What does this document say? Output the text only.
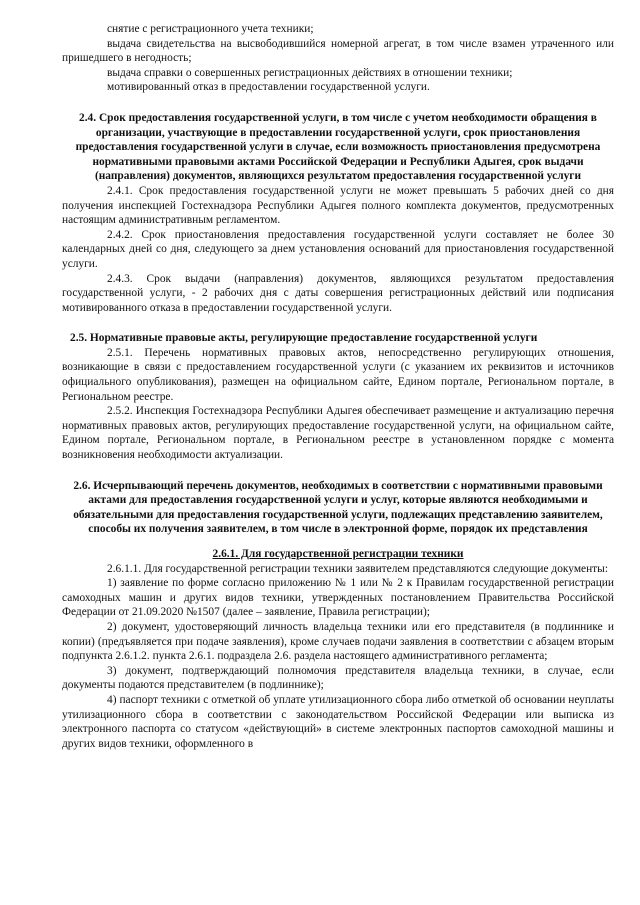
снятие с регистрационного учета техники;

выдача свидетельства на высвободившийся номерной агрегат, в том числе взамен утраченного или пришедшего в негодность;

выдача справки о совершенных регистрационных действиях в отношении техники;

мотивированный отказ в предоставлении государственной услуги.

2.4. Срок предоставления государственной услуги, в том числе с учетом необходимости обращения в организации, участвующие в предоставлении государственной услуги, срок приостановления предоставления государственной услуги в случае, если возможность приостановления предусмотрена нормативными правовыми актами Российской Федерации и Республики Адыгея, срок выдачи (направления) документов, являющихся результатом предоставления государственной услуги

2.4.1. Срок предоставления государственной услуги не может превышать 5 рабочих дней со дня получения инспекцией Гостехнадзора Республики Адыгея полного комплекта документов, предусмотренных настоящим административным регламентом.

2.4.2. Срок приостановления предоставления государственной услуги составляет не более 30 календарных дней со дня, следующего за днем установления оснований для приостановления государственной услуги.

2.4.3. Срок выдачи (направления) документов, являющихся результатом предоставления государственной услуги, - 2 рабочих дня с даты совершения регистрационных действий или подписания мотивированного отказа в предоставлении государственной услуги.

2.5. Нормативные правовые акты, регулирующие предоставление государственной услуги

2.5.1. Перечень нормативных правовых актов, непосредственно регулирующих отношения, возникающие в связи с предоставлением государственной услуги (с указанием их реквизитов и источников официального опубликования), размещен на официальном сайте, Едином портале, Региональном портале, в Региональном реестре.

2.5.2. Инспекция Гостехнадзора Республики Адыгея обеспечивает размещение и актуализацию перечня нормативных правовых актов, регулирующих предоставление государственной услуги, на официальном сайте, Едином портале, Региональном портале, в Региональном реестре в установленном порядке с момента возникновения необходимости актуализации.

2.6. Исчерпывающий перечень документов, необходимых в соответствии с нормативными правовыми актами для предоставления государственной услуги и услуг, которые являются необходимыми и обязательными для предоставления государственной услуги, подлежащих представлению заявителем, способы их получения заявителем, в том числе в электронной форме, порядок их представления

2.6.1. Для государственной регистрации техники

2.6.1.1. Для государственной регистрации техники заявителем представляются следующие документы:

1) заявление по форме согласно приложению № 1 или № 2 к Правилам государственной регистрации самоходных машин и других видов техники, утвержденных постановлением Правительства Российской Федерации от 21.09.2020 №1507 (далее – заявление, Правила регистрации);

2) документ, удостоверяющий личность владельца техники или его представителя (в подлиннике и копии) (предъявляется при подаче заявления), кроме случаев подачи заявления в соответствии с абзацем вторым подпункта 2.6.1.2. пункта 2.6.1. подраздела 2.6. раздела настоящего административного регламента;

3) документ, подтверждающий полномочия представителя владельца техники, в случае, если документы подаются представителем (в подлиннике);

4) паспорт техники с отметкой об уплате утилизационного сбора либо отметкой об основании неуплаты утилизационного сбора в соответствии с законодательством Российской Федерации или выписка из электронного паспорта со статусом «действующий» в системе электронных паспортов самоходной машины и других видов техники, оформленного в
